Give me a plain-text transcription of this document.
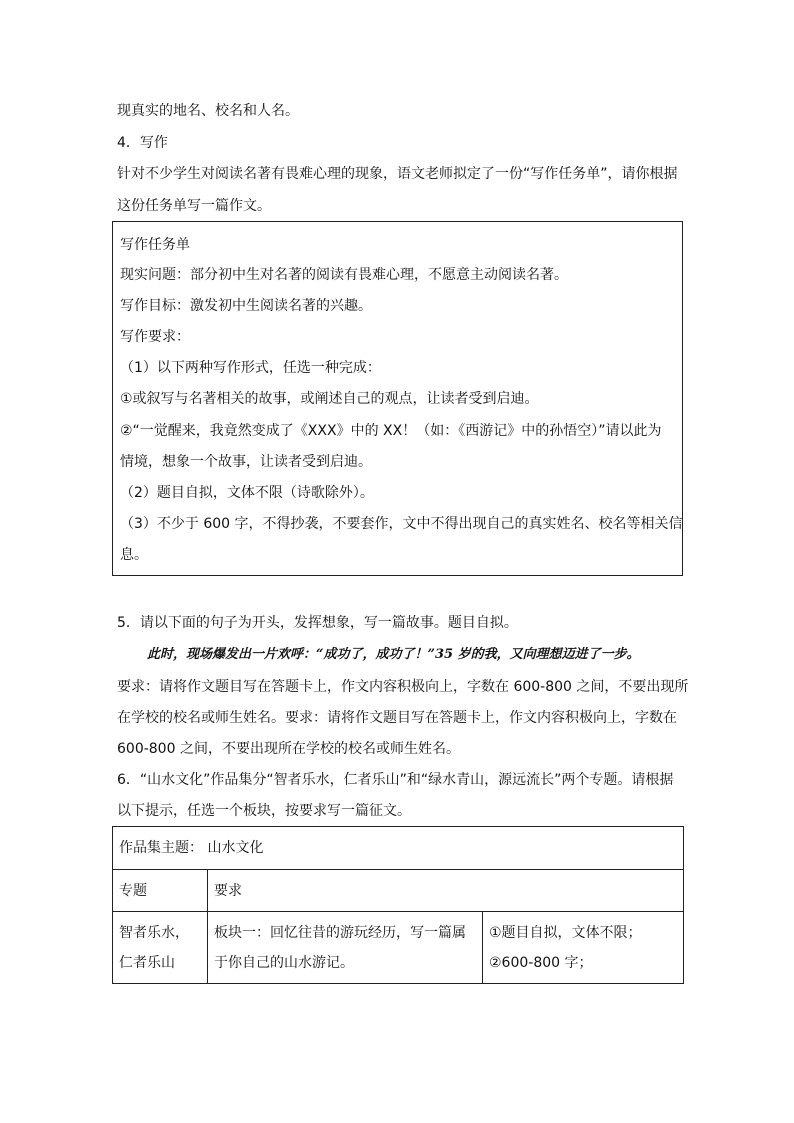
现真实的地名、校名和人名。
4．写作
针对不少学生对阅读名著有畏难心理的现象，语文老师拟定了一份“写作任务单”，请你根据
这份任务单写一篇作文。
写作任务单
现实问题：部分初中生对名著的阅读有畏难心理，不愿意主动阅读名著。
写作目标：激发初中生阅读名著的兴趣。
写作要求：
（1）以下两种写作形式，任选一种完成：
①或叙写与名著相关的故事，或阐述自己的观点，让读者受到启迪。
②“一觉醒来，我竟然变成了《XXX》中的 XX！（如：《西游记》中的孙悟空）”请以此为
情境，想象一个故事，让读者受到启迪。
（2）题目自拟，文体不限（诗歌除外）。
（3）不少于 600 字，不得抄袭，不要套作，文中不得出现自己的真实姓名、校名等相关信
息。
5．请以下面的句子为开头，发挥想象，写一篇故事。题目自拟。
此时，现场爆发出一片欢呼：“成功了，成功了！”35 岁的我，又向理想迈进了一步。
要求：请将作文题目写在答题卡上，作文内容积极向上，字数在 600-800 之间，不要出现所
在学校的校名或师生姓名。要求：请将作文题目写在答题卡上，作文内容积极向上，字数在
600-800 之间，不要出现所在学校的校名或师生姓名。
6．“山水文化”作品集分“智者乐水，仁者乐山”和“绿水青山，源远流长”两个专题。请根据
以下提示，任选一个板块，按要求写一篇征文。
作品集主题： 山水文化		
专题	要求	
智者乐水，仁者乐山	板块一：回忆往昔的游玩经历，写一篇属于你自己的山水游记。	①题目自拟，文体不限；
②600-800 字；
